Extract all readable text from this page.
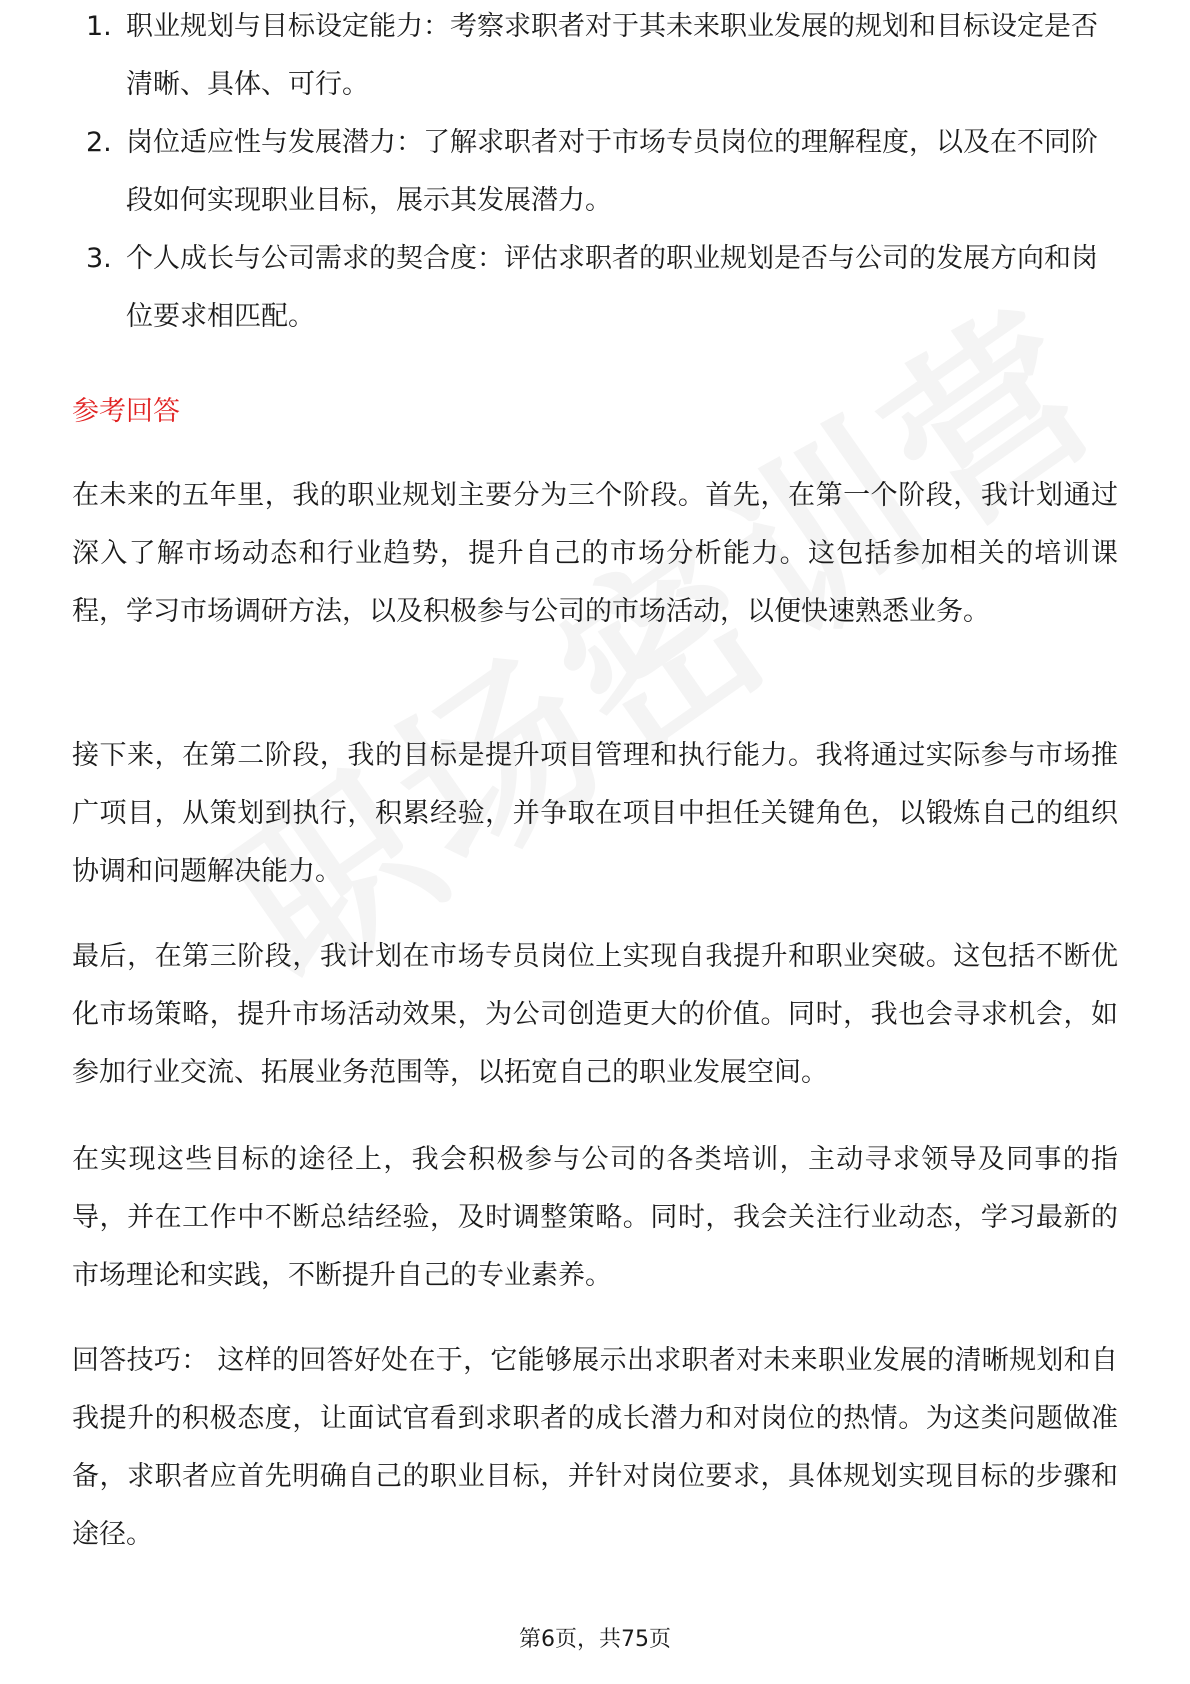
1. 职业规划与目标设定能力：考察求职者对于其未来职业发展的规划和目标设定是否清晰、具体、可行。
2. 岗位适应性与发展潜力：了解求职者对于市场专员岗位的理解程度，以及在不同阶段如何实现职业目标，展示其发展潜力。
3. 个人成长与公司需求的契合度：评估求职者的职业规划是否与公司的发展方向和岗位要求相匹配。
参考回答

在未来的五年里，我的职业规划主要分为三个阶段。首先，在第一个阶段，我计划通过深入了解市场动态和行业趋势，提升自己的市场分析能力。这包括参加相关的培训课程，学习市场调研方法，以及积极参与公司的市场活动，以便快速熟悉业务。

接下来，在第二阶段，我的目标是提升项目管理和执行能力。我将通过实际参与市场推广项目，从策划到执行，积累经验，并争取在项目中担任关键角色，以锻炼自己的组织协调和问题解决能力。

最后，在第三阶段，我计划在市场专员岗位上实现自我提升和职业突破。这包括不断优化市场策略，提升市场活动效果，为公司创造更大的价值。同时，我也会寻求机会，如参加行业交流、拓展业务范围等，以拓宽自己的职业发展空间。

在实现这些目标的途径上，我会积极参与公司的各类培训，主动寻求领导及同事的指导，并在工作中不断总结经验，及时调整策略。同时，我会关注行业动态，学习最新的市场理论和实践，不断提升自己的专业素养。

回答技巧： 这样的回答好处在于，它能够展示出求职者对未来职业发展的清晰规划和自我提升的积极态度，让面试官看到求职者的成长潜力和对岗位的热情。为这类问题做准备，求职者应首先明确自己的职业目标，并针对岗位要求，具体规划实现目标的步骤和途径。

第6页，共75页
